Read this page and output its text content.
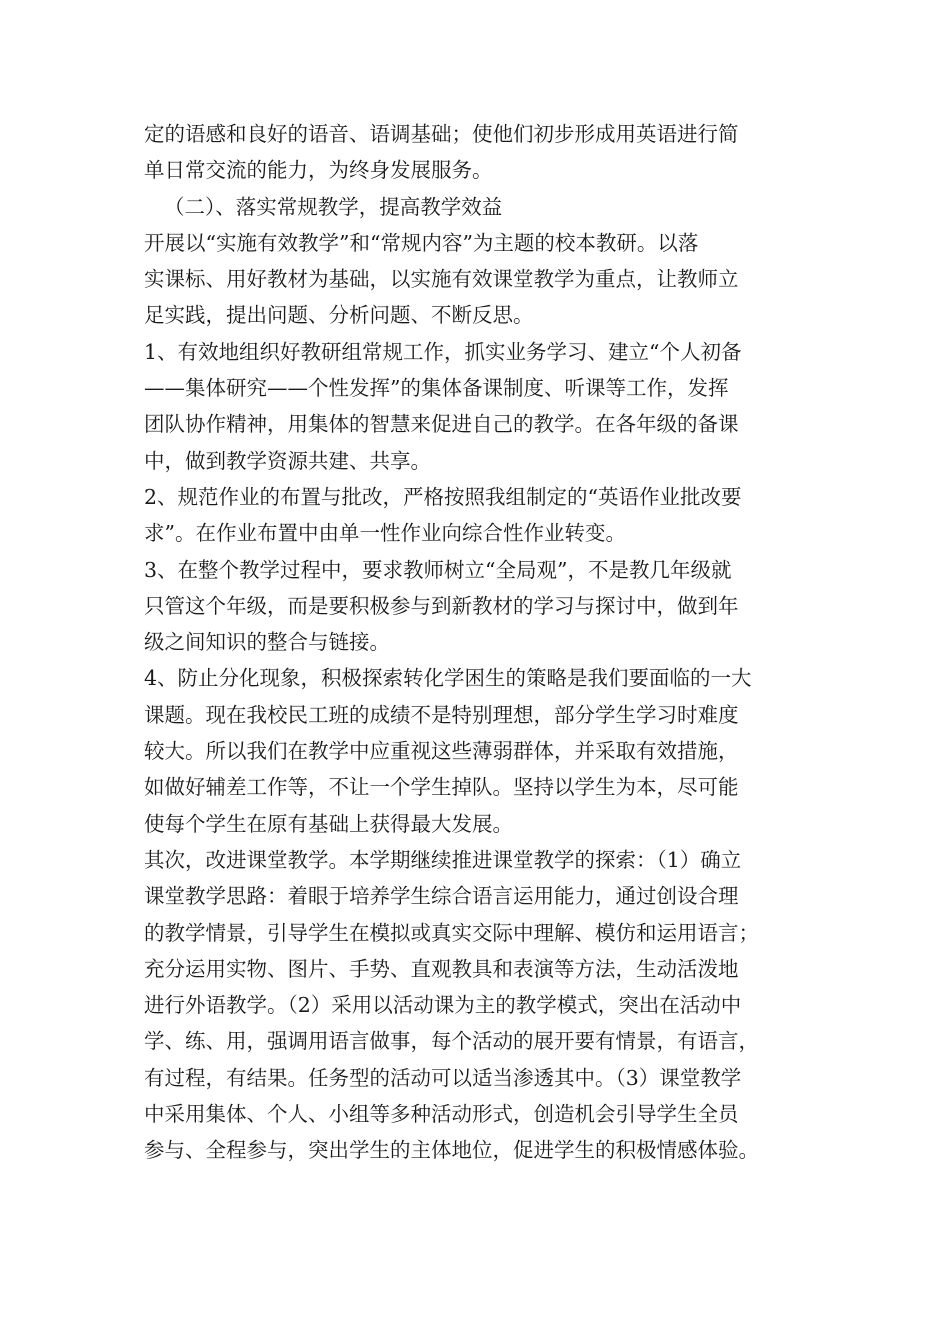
定的语感和良好的语音、语调基础；使他们初步形成用英语进行简
单日常交流的能力，为终身发展服务。
（二）、落实常规教学，提高教学效益
开展以“实施有效教学”和“常规内容”为主题的校本教研。以落
实课标、用好教材为基础，以实施有效课堂教学为重点，让教师立
足实践，提出问题、分析问题、不断反思。
1、有效地组织好教研组常规工作，抓实业务学习、建立“个人初备
——集体研究——个性发挥”的集体备课制度、听课等工作，发挥
团队协作精神，用集体的智慧来促进自己的教学。在各年级的备课
中，做到教学资源共建、共享。
2、规范作业的布置与批改，严格按照我组制定的“英语作业批改要
求”。在作业布置中由单一性作业向综合性作业转变。
3、在整个教学过程中，要求教师树立“全局观”，不是教几年级就
只管这个年级，而是要积极参与到新教材的学习与探讨中，做到年
级之间知识的整合与链接。
4、防止分化现象，积极探索转化学困生的策略是我们要面临的一大
课题。现在我校民工班的成绩不是特别理想，部分学生学习时难度
较大。所以我们在教学中应重视这些薄弱群体，并采取有效措施，
如做好辅差工作等，不让一个学生掉队。坚持以学生为本，尽可能
使每个学生在原有基础上获得最大发展。
其次，改进课堂教学。本学期继续推进课堂教学的探索：（1）确立
课堂教学思路：着眼于培养学生综合语言运用能力，通过创设合理
的教学情景，引导学生在模拟或真实交际中理解、模仿和运用语言；
充分运用实物、图片、手势、直观教具和表演等方法，生动活泼地
进行外语教学。（2）采用以活动课为主的教学模式，突出在活动中
学、练、用，强调用语言做事，每个活动的展开要有情景，有语言，
有过程，有结果。任务型的活动可以适当渗透其中。（3）课堂教学
中采用集体、个人、小组等多种活动形式，创造机会引导学生全员
参与、全程参与，突出学生的主体地位，促进学生的积极情感体验。
